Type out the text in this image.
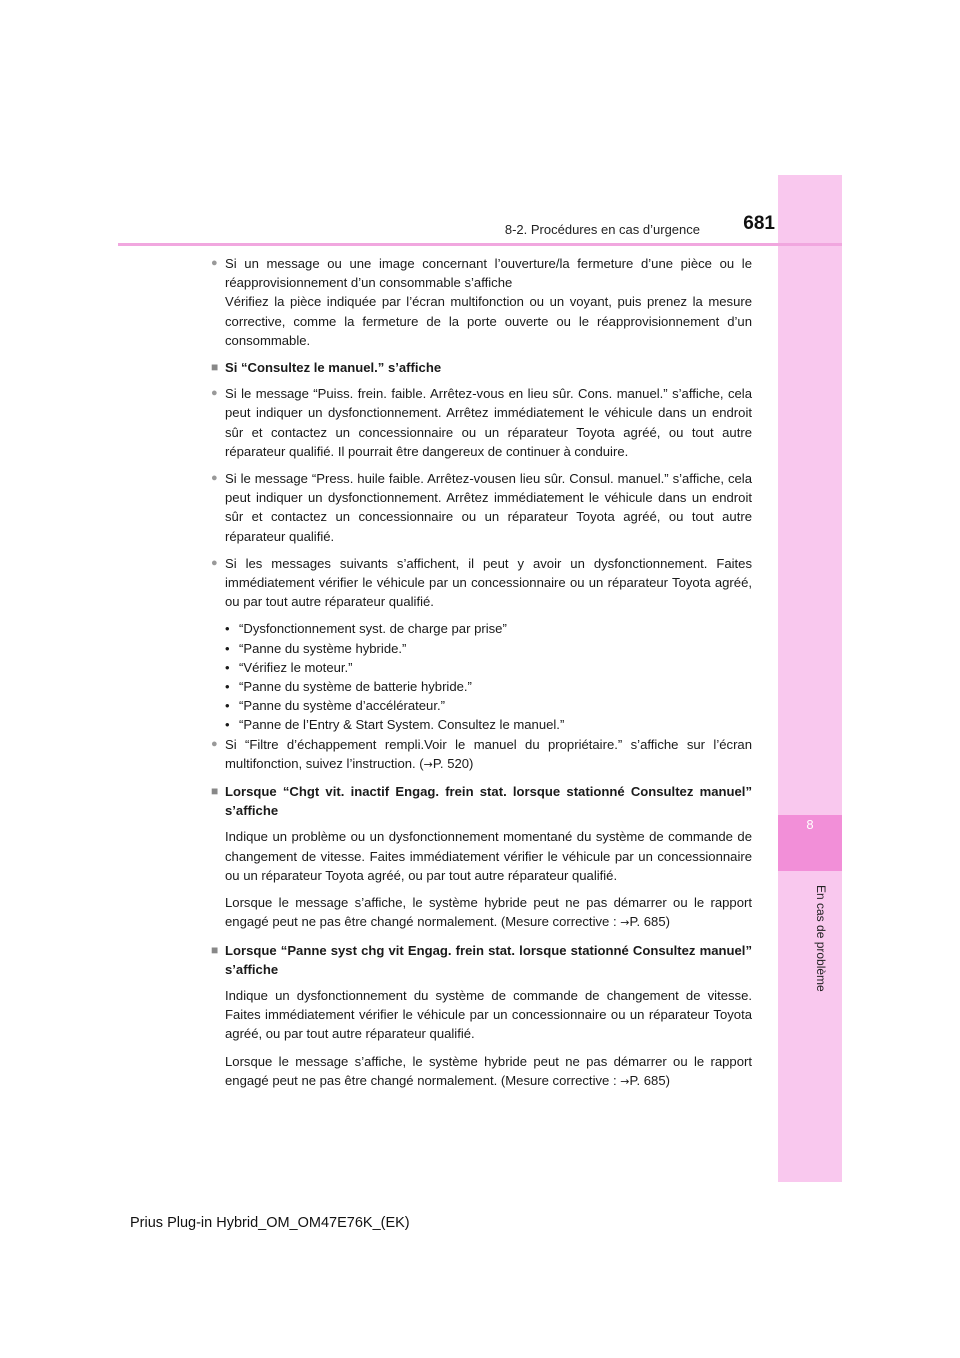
8
En cas de problème
8-2. Procédures en cas d’urgence	681
● Si un message ou une image concernant l’ouverture/la fermeture d’une pièce ou le réapprovisionnement d’un consommable s’affiche
Vérifiez la pièce indiquée par l’écran multifonction ou un voyant, puis prenez la mesure corrective, comme la fermeture de la porte ouverte ou le réapprovisionnement d’un consommable.
■ Si “Consultez le manuel.” s’affiche
● Si le message “Puiss. frein. faible. Arrêtez-vous en lieu sûr. Cons. manuel.” s’affiche, cela peut indiquer un dysfonctionnement. Arrêtez immédiatement le véhicule dans un endroit sûr et contactez un concessionnaire ou un réparateur Toyota agréé, ou tout autre réparateur qualifié. Il pourrait être dangereux de continuer à conduire.
● Si le message “Press. huile faible. Arrêtez-vousen lieu sûr. Consul. manuel.” s’affiche, cela peut indiquer un dysfonctionnement. Arrêtez immédiatement le véhicule dans un endroit sûr et contactez un concessionnaire ou un réparateur Toyota agréé, ou tout autre réparateur qualifié.
● Si les messages suivants s’affichent, il peut y avoir un dysfonctionnement. Faites immédiatement vérifier le véhicule par un concessionnaire ou un réparateur Toyota agréé, ou par tout autre réparateur qualifié.
• “Dysfonctionnement syst. de charge par prise”
• “Panne du système hybride.”
• “Vérifiez le moteur.”
• “Panne du système de batterie hybride.”
• “Panne du système d’accélérateur.”
• “Panne de l’Entry & Start System. Consultez le manuel.”
● Si “Filtre d’échappement rempli.Voir le manuel du propriétaire.” s’affiche sur l’écran multifonction, suivez l’instruction. (→P. 520)
■ Lorsque “Chgt vit. inactif Engag. frein stat. lorsque stationné Consultez manuel” s’affiche
Indique un problème ou un dysfonctionnement momentané du système de commande de changement de vitesse. Faites immédiatement vérifier le véhicule par un concessionnaire ou un réparateur Toyota agréé, ou par tout autre réparateur qualifié.
Lorsque le message s’affiche, le système hybride peut ne pas démarrer ou le rapport engagé peut ne pas être changé normalement. (Mesure corrective : →P. 685)
■ Lorsque “Panne syst chg vit Engag. frein stat. lorsque stationné Consultez manuel” s’affiche
Indique un dysfonctionnement du système de commande de changement de vitesse. Faites immédiatement vérifier le véhicule par un concessionnaire ou un réparateur Toyota agréé, ou par tout autre réparateur qualifié.
Lorsque le message s’affiche, le système hybride peut ne pas démarrer ou le rapport engagé peut ne pas être changé normalement. (Mesure corrective : →P. 685)
Prius Plug-in Hybrid_OM_OM47E76K_(EK)
